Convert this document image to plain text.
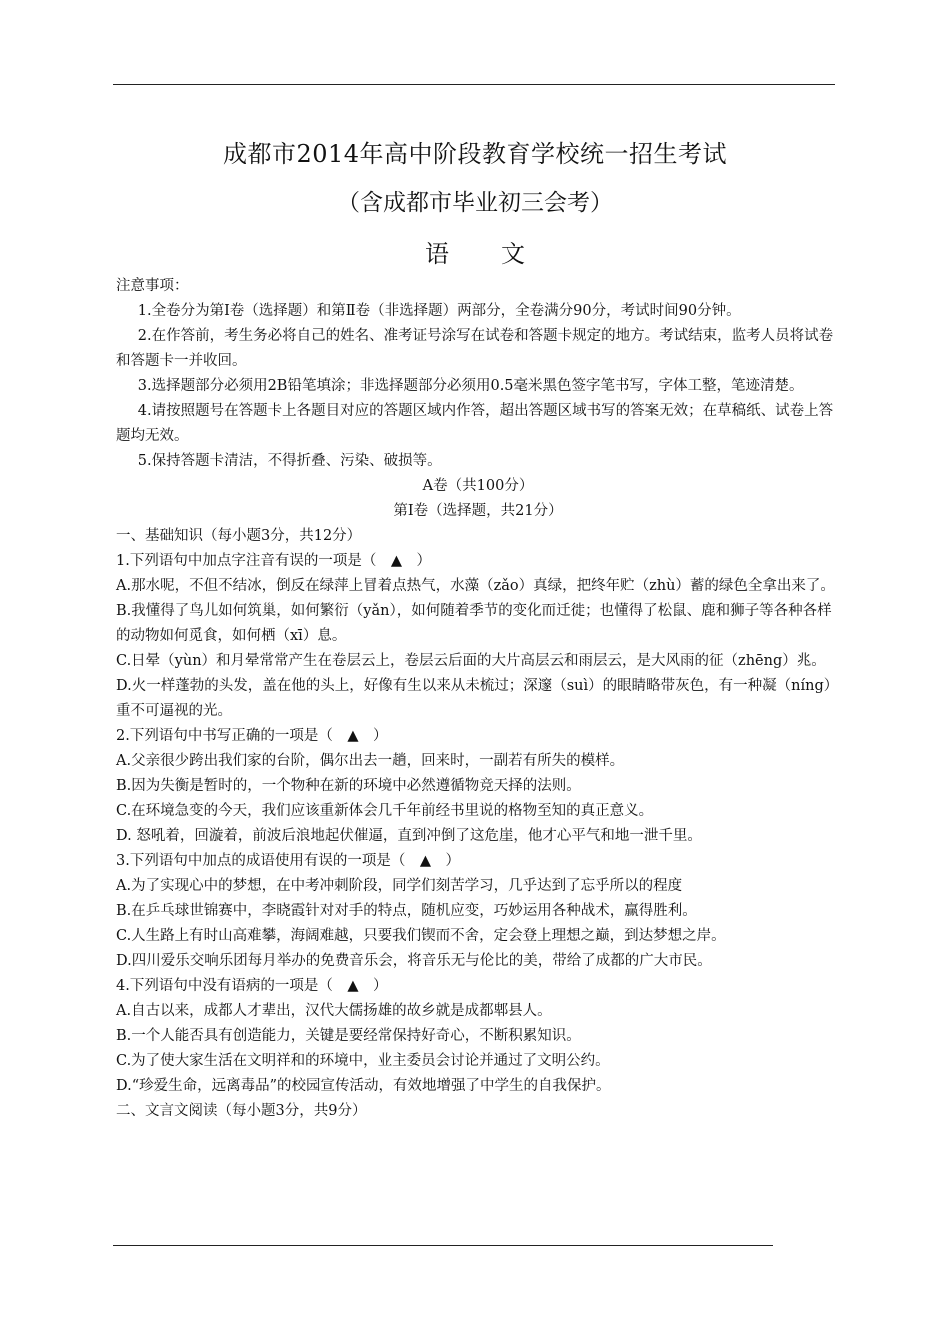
成都市2014年高中阶段教育学校统一招生考试
（含成都市毕业初三会考）
语文

注意事项：

1.全卷分为第Ⅰ卷（选择题）和第Ⅱ卷（非选择题）两部分，全卷满分90分，考试时间90分钟。

2.在作答前，考生务必将自己的姓名、准考证号涂写在试卷和答题卡规定的地方。考试结束，监考人员将试卷和答题卡一并收回。

3.选择题部分必须用2B铅笔填涂；非选择题部分必须用0.5毫米黑色签字笔书写，字体工整，笔迹清楚。

4.请按照题号在答题卡上各题目对应的答题区域内作答，超出答题区域书写的答案无效；在草稿纸、试卷上答题均无效。

5.保持答题卡清洁，不得折叠、污染、破损等。

A卷（共100分）

第Ⅰ卷（选择题，共21分）

一、基础知识（每小题3分，共12分）

1.下列语句中加点字注音有误的一项是（　▲　）

A.那水呢，不但不结冰，倒反在绿萍上冒着点热气，水藻（zǎo）真绿，把终年贮（zhù）蓄的绿色全拿出来了。

B.我懂得了鸟儿如何筑巢，如何繁衍（yǎn），如何随着季节的变化而迁徙；也懂得了松鼠、鹿和狮子等各种各样的动物如何觅食，如何栖（xī）息。

C.日晕（yùn）和月晕常常产生在卷层云上，卷层云后面的大片高层云和雨层云，是大风雨的征（zhēng）兆。

D.火一样蓬勃的头发，盖在他的头上，好像有生以来从未梳过；深邃（suì）的眼睛略带灰色，有一种凝（níng）重不可逼视的光。

2.下列语句中书写正确的一项是（　▲　）

A.父亲很少跨出我们家的台阶，偶尔出去一趟，回来时，一副若有所失的模样。

B.因为失衡是暂时的，一个物种在新的环境中必然遵循物竞天择的法则。

C.在环境急变的今天，我们应该重新体会几千年前经书里说的格物至知的真正意义。

D. 怒吼着，回漩着，前波后浪地起伏催逼，直到冲倒了这危崖，他才心平气和地一泄千里。

3.下列语句中加点的成语使用有误的一项是（　▲　）

A.为了实现心中的梦想，在中考冲刺阶段，同学们刻苦学习，几乎达到了忘乎所以的程度

B.在乒乓球世锦赛中，李晓霞针对对手的特点，随机应变，巧妙运用各种战术，赢得胜利。

C.人生路上有时山高难攀，海阔难越，只要我们锲而不舍，定会登上理想之巅，到达梦想之岸。

D.四川爱乐交响乐团每月举办的免费音乐会，将音乐无与伦比的美，带给了成都的广大市民。

4.下列语句中没有语病的一项是（　▲　）

A.自古以来，成都人才辈出，汉代大儒扬雄的故乡就是成都郫县人。

B.一个人能否具有创造能力，关键是要经常保持好奇心，不断积累知识。

C.为了使大家生活在文明祥和的环境中，业主委员会讨论并通过了文明公约。

D.“珍爱生命，远离毒品”的校园宣传活动，有效地增强了中学生的自我保护。

二、文言文阅读（每小题3分，共9分）
